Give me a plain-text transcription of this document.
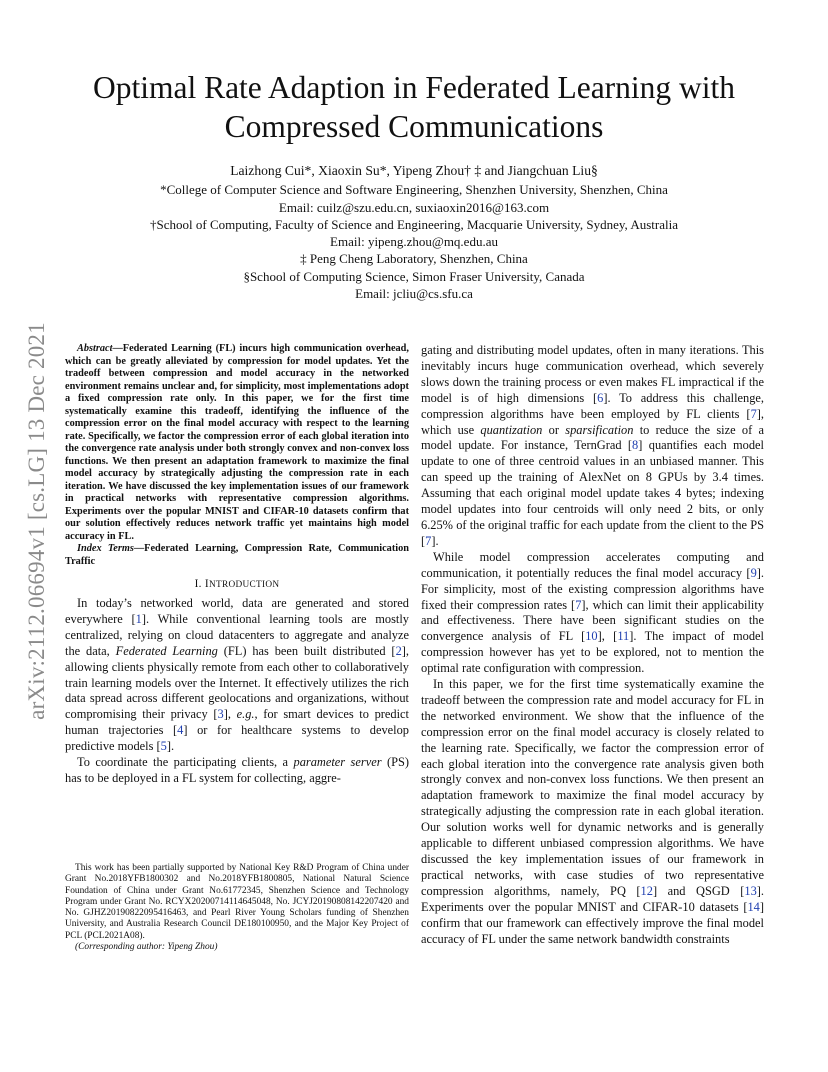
arXiv:2112.06694v1 [cs.LG] 13 Dec 2021
Optimal Rate Adaption in Federated Learning with
Compressed Communications
Laizhong Cui*, Xiaoxin Su*, Yipeng Zhou† ‡ and Jiangchuan Liu§
*College of Computer Science and Software Engineering, Shenzhen University, Shenzhen, China
Email: cuilz@szu.edu.cn, suxiaoxin2016@163.com
†School of Computing, Faculty of Science and Engineering, Macquarie University, Sydney, Australia
Email: yipeng.zhou@mq.edu.au
‡ Peng Cheng Laboratory, Shenzhen, China
§School of Computing Science, Simon Fraser University, Canada
Email: jcliu@cs.sfu.ca

Abstract—Federated Learning (FL) incurs high communication overhead, which can be greatly alleviated by compression for model updates. Yet the tradeoff between compression and model accuracy in the networked environment remains unclear and, for simplicity, most implementations adopt a fixed compression rate only. In this paper, we for the first time systematically examine this tradeoff, identifying the influence of the compression error on the final model accuracy with respect to the learning rate. Specifically, we factor the compression error of each global iteration into the convergence rate analysis under both strongly convex and non-convex loss functions. We then present an adaptation framework to maximize the final model accuracy by strategically adjusting the compression rate in each iteration. We have discussed the key implementation issues of our framework in practical networks with representative compression algorithms. Experiments over the popular MNIST and CIFAR-10 datasets confirm that our solution effectively reduces network traffic yet maintains high model accuracy in FL.

Index Terms—Federated Learning, Compression Rate, Communication Traffic

I. INTRODUCTION

In today’s networked world, data are generated and stored everywhere [1]. While conventional learning tools are mostly centralized, relying on cloud datacenters to aggregate and analyze the data, Federated Learning (FL) has been built distributed [2], allowing clients physically remote from each other to collaboratively train learning models over the Internet. It effectively utilizes the rich data spread across different geolocations and organizations, without compromising their privacy [3], e.g., for smart devices to predict human trajectories [4] or for healthcare systems to develop predictive models [5].

To coordinate the participating clients, a parameter server (PS) has to be deployed in a FL system for collecting, aggre-

This work has been partially supported by National Key R&D Program of China under Grant No.2018YFB1800302 and No.2018YFB1800805, National Natural Science Foundation of China under Grant No.61772345, Shenzhen Science and Technology Program under Grant No. RCYX20200714114645048, No. JCYJ20190808142207420 and No. GJHZ20190822095416463, and Pearl River Young Scholars funding of Shenzhen University, and Australia Research Council DE180100950, and the Major Key Project of PCL (PCL2021A08).
(Corresponding author: Yipeng Zhou)

gating and distributing model updates, often in many iterations. This inevitably incurs huge communication overhead, which severely slows down the training process or even makes FL impractical if the model is of high dimensions [6]. To address this challenge, compression algorithms have been employed by FL clients [7], which use quantization or sparsification to reduce the size of a model update. For instance, TernGrad [8] quantifies each model update to one of three centroid values in an unbiased manner. This can speed up the training of AlexNet on 8 GPUs by 3.4 times. Assuming that each original model update takes 4 bytes; indexing model updates into four centroids will only need 2 bits, or only 6.25% of the original traffic for each update from the client to the PS [7].

While model compression accelerates computing and communication, it potentially reduces the final model accuracy [9]. For simplicity, most of the existing compression algorithms have fixed their compression rates [7], which can limit their applicability and effectiveness. There have been significant studies on the convergence analysis of FL [10], [11]. The impact of model compression however has yet to be explored, not to mention the optimal rate configuration with compression.

In this paper, we for the first time systematically examine the tradeoff between the compression rate and model accuracy for FL in the networked environment. We show that the influence of the compression error on the final model accuracy is closely related to the learning rate. Specifically, we factor the compression error of each global iteration into the convergence rate analysis given both strongly convex and non-convex loss functions. We then present an adaptation framework to maximize the final model accuracy by strategically adjusting the compression rate in each global iteration. Our solution works well for dynamic networks and is generally applicable to different unbiased compression algorithms. We have discussed the key implementation issues of our framework in practical networks, with case studies of two representative compression algorithms, namely, PQ [12] and QSGD [13]. Experiments over the popular MNIST and CIFAR-10 datasets [14] confirm that our framework can effectively improve the final model accuracy of FL under the same network bandwidth constraints
